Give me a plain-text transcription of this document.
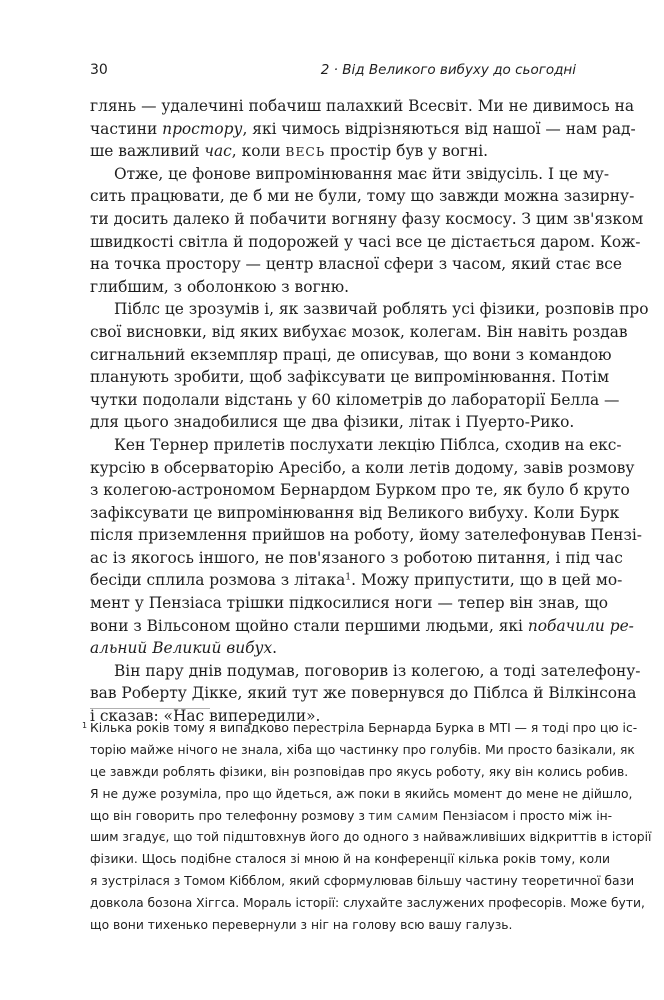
30	2 · Від Великого вибуху до сьогодні
глянь — удалечині побачиш палахкий Всесвіт. Ми не дивимось на
частини простору, які чимось відрізняються від нашої — нам рад-
ше важливий час, коли ВЕСЬ простір був у вогні.
Отже, це фонове випромінювання має йти звідусіль. І це му-
сить працювати, де б ми не були, тому що завжди можна зазирну-
ти досить далеко й побачити вогняну фазу космосу. З цим зв'язком
швидкості світла й подорожей у часі все це дістається даром. Кож-
на точка простору — центр власної сфери з часом, який стає все
глибшим, з оболонкою з вогню.
Піблс це зрозумів і, як зазвичай роблять усі фізики, розповів про
свої висновки, від яких вибухає мозок, колегам. Він навіть роздав
сигнальний екземпляр праці, де описував, що вони з командою
планують зробити, щоб зафіксувати це випромінювання. Потім
чутки подолали відстань у 60 кілометрів до лабораторії Белла —
для цього знадобилися ще два фізики, літак і Пуерто-Рико.
Кен Тернер прилетів послухати лекцію Піблса, сходив на екс-
курсію в обсерваторію Аресібо, а коли летів додому, завів розмову
з колегою-астрономом Бернардом Бурком про те, як було б круто
зафіксувати це випромінювання від Великого вибуху. Коли Бурк
після приземлення прийшов на роботу, йому зателефонував Пензі-
ас із якогось іншого, не пов'язаного з роботою питання, і під час
бесіди сплила розмова з літака$^1$. Можу припустити, що в цей мо-
мент у Пензіаса трішки підкосилися ноги — тепер він знав, що
вони з Вільсоном щойно стали першими людьми, які побачили ре-
альний Великий вибух.
Він пару днів подумав, поговорив із колегою, а тоді зателефону-
вав Роберту Дікке, який тут же повернувся до Піблса й Вілкінсона
і сказав: «Нас випередили».
1 Кілька років тому я випадково перестріла Бернарда Бурка в МТІ — я тоді про цю іс-
торію майже нічого не знала, хіба що частинку про голубів. Ми просто базікали, як
це завжди роблять фізики, він розповідав про якусь роботу, яку він колись робив.
Я не дуже розуміла, про що йдеться, аж поки в якийсь момент до мене не дійшло,
що він говорить про телефонну розмову з ТИМ САМИМ Пензіасом і просто між ін-
шим згадує, що той підштовхнув його до одного з найважливіших відкриттів в історії
фізики. Щось подібне сталося зі мною й на конференції кілька років тому, коли
я зустрілася з Томом Кібблом, який сформулював більшу частину теоретичної бази
довкола бозона Хіггса. Мораль історії: слухайте заслужених професорів. Може бути,
що вони тихенько перевернули з ніг на голову всю вашу галузь.
